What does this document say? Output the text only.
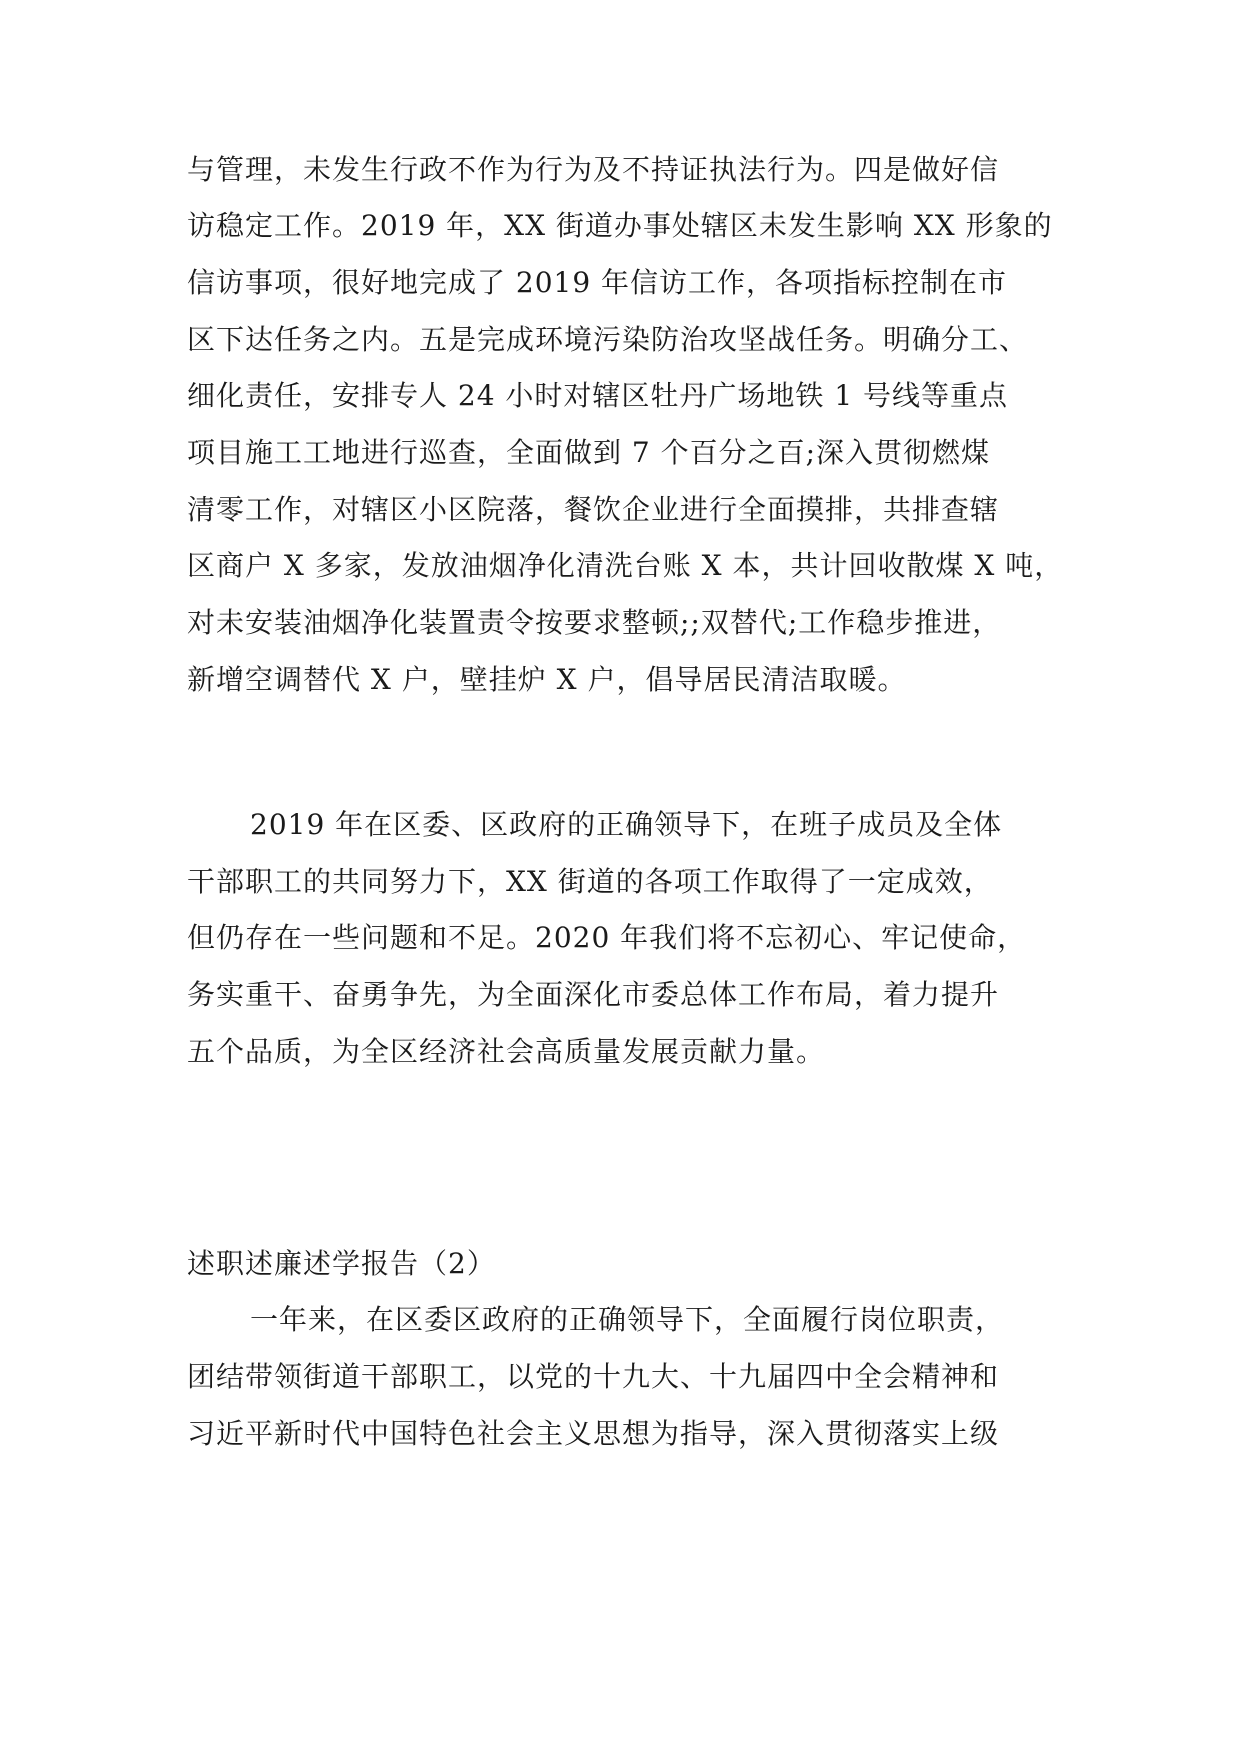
与管理，未发生行政不作为行为及不持证执法行为。四是做好信

访稳定工作。2019 年，XX 街道办事处辖区未发生影响 XX 形象的

信访事项，很好地完成了 2019 年信访工作，各项指标控制在市

区下达任务之内。五是完成环境污染防治攻坚战任务。明确分工、

细化责任，安排专人 24 小时对辖区牡丹广场地铁 1 号线等重点

项目施工工地进行巡查，全面做到 7 个百分之百;深入贯彻燃煤

清零工作，对辖区小区院落，餐饮企业进行全面摸排，共排查辖

区商户 X 多家，发放油烟净化清洗台账 X 本，共计回收散煤 X 吨，

对未安装油烟净化装置责令按要求整顿;;双替代;工作稳步推进，

新增空调替代 X 户，壁挂炉 X 户，倡导居民清洁取暖。

2019 年在区委、区政府的正确领导下，在班子成员及全体

干部职工的共同努力下，XX 街道的各项工作取得了一定成效，

但仍存在一些问题和不足。2020 年我们将不忘初心、牢记使命，

务实重干、奋勇争先，为全面深化市委总体工作布局，着力提升

五个品质，为全区经济社会高质量发展贡献力量。

述职述廉述学报告（2）

一年来，在区委区政府的正确领导下，全面履行岗位职责，

团结带领街道干部职工，以党的十九大、十九届四中全会精神和

习近平新时代中国特色社会主义思想为指导，深入贯彻落实上级
